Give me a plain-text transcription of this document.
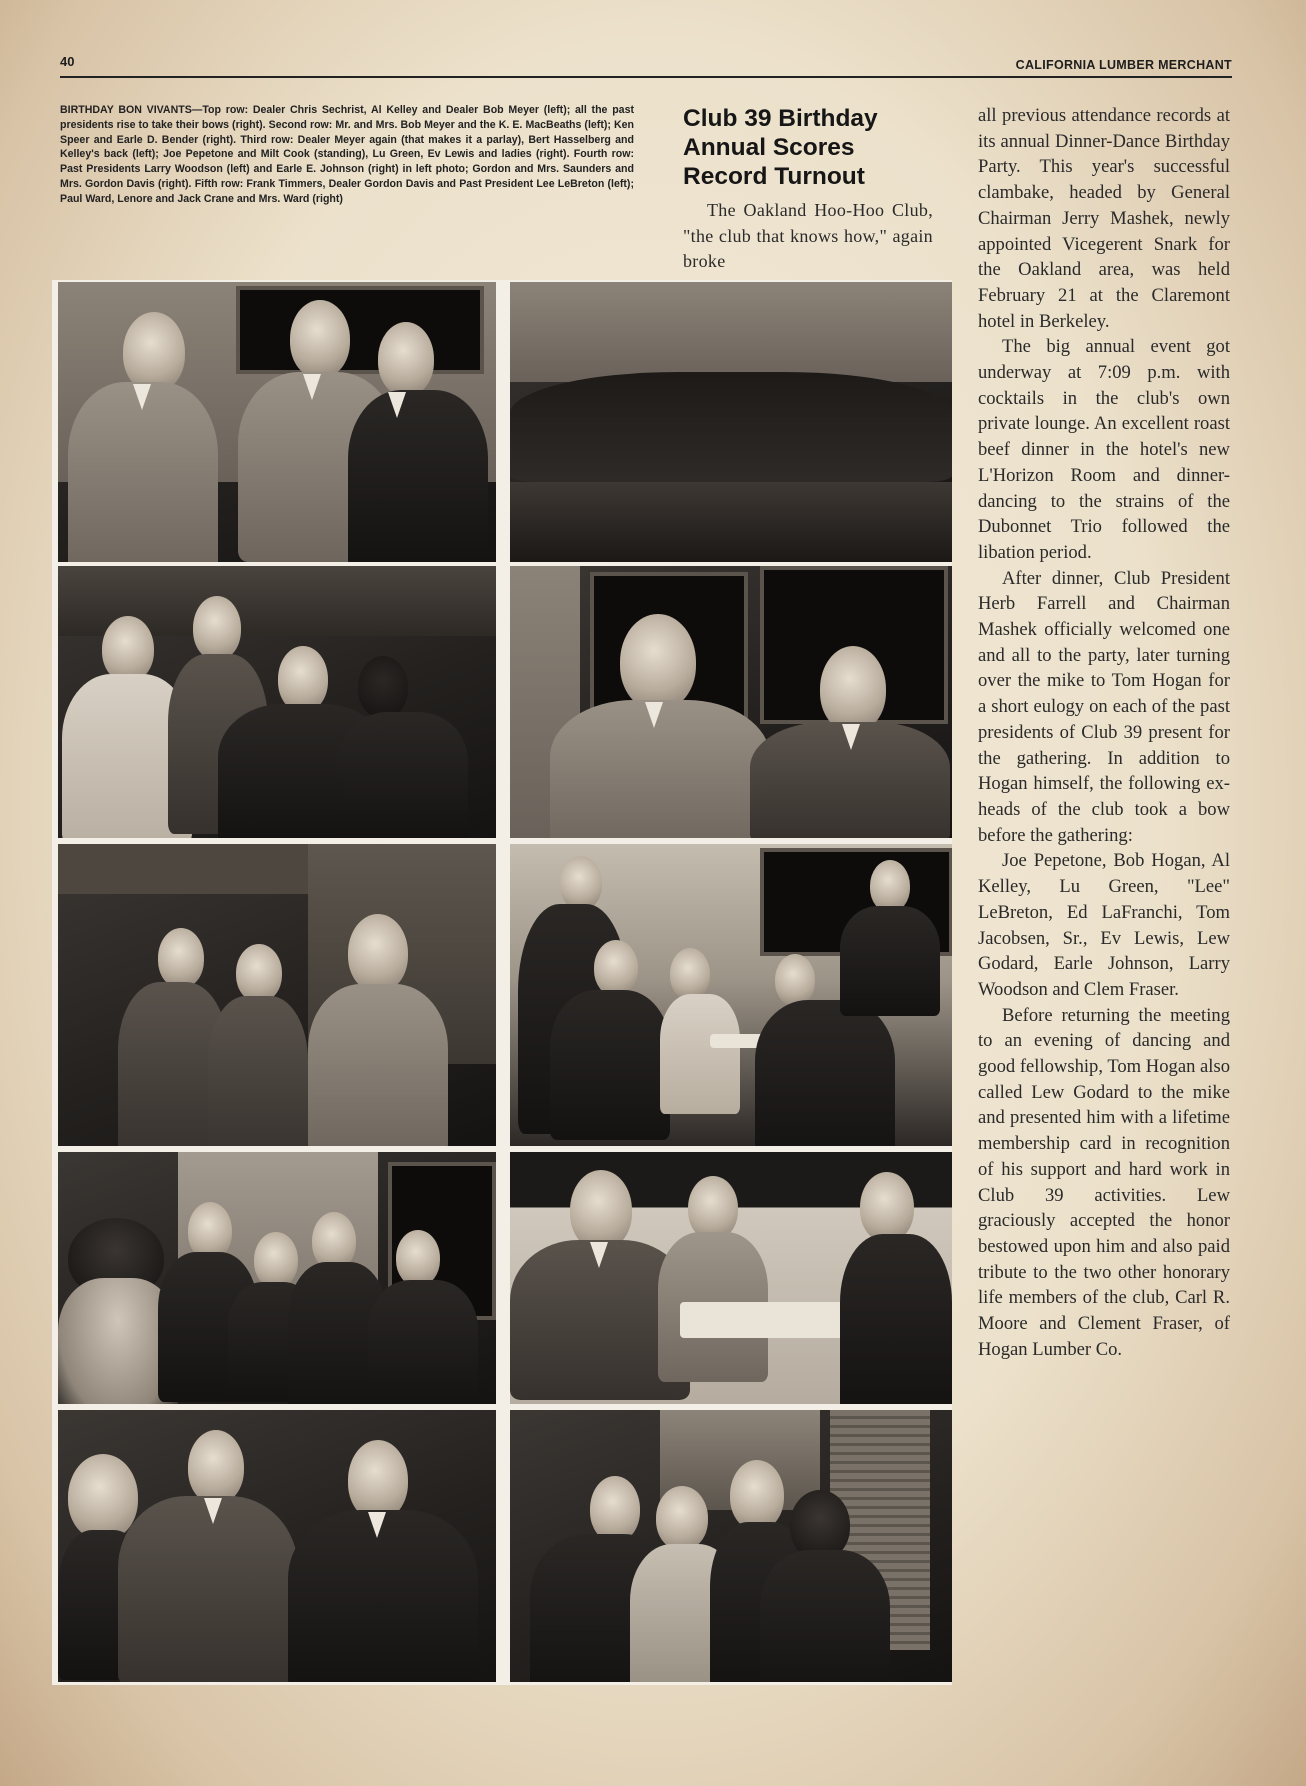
40	CALIFORNIA LUMBER MERCHANT
BIRTHDAY BON VIVANTS—Top row: Dealer Chris Sechrist, Al Kelley and Dealer Bob Meyer (left); all the past presidents rise to take their bows (right). Second row: Mr. and Mrs. Bob Meyer and the K. E. MacBeaths (left); Ken Speer and Earle D. Bender (right). Third row: Dealer Meyer again (that makes it a parlay), Bert Hasselberg and Kelley's back (left); Joe Pepetone and Milt Cook (standing), Lu Green, Ev Lewis and ladies (right). Fourth row: Past Presidents Larry Woodson (left) and Earle E. Johnson (right) in left photo; Gordon and Mrs. Saunders and Mrs. Gordon Davis (right). Fifth row: Frank Timmers, Dealer Gordon Davis and Past President Lee LeBreton (left); Paul Ward, Lenore and Jack Crane and Mrs. Ward (right)
Club 39 Birthday Annual Scores Record Turnout
The Oakland Hoo-Hoo Club, "the club that knows how," again broke

all previous attendance records at its annual Dinner-Dance Birthday Party. This year's successful clambake, headed by General Chairman Jerry Mashek, newly appointed Vicegerent Snark for the Oakland area, was held February 21 at the Claremont hotel in Berkeley.

The big annual event got underway at 7:09 p.m. with cocktails in the club's own private lounge. An excellent roast beef dinner in the hotel's new L'Horizon Room and dinner-dancing to the strains of the Dubonnet Trio followed the libation period.

After dinner, Club President Herb Farrell and Chairman Mashek officially welcomed one and all to the party, later turning over the mike to Tom Hogan for a short eulogy on each of the past presidents of Club 39 present for the gathering. In addition to Hogan himself, the following ex-heads of the club took a bow before the gathering:

Joe Pepetone, Bob Hogan, Al Kelley, Lu Green, "Lee" LeBreton, Ed LaFranchi, Tom Jacobsen, Sr., Ev Lewis, Lew Godard, Earle Johnson, Larry Woodson and Clem Fraser.

Before returning the meeting to an evening of dancing and good fellowship, Tom Hogan also called Lew Godard to the mike and presented him with a lifetime membership card in recognition of his support and hard work in Club 39 activities. Lew graciously accepted the honor bestowed upon him and also paid tribute to the two other honorary life members of the club, Carl R. Moore and Clement Fraser, of Hogan Lumber Co.
